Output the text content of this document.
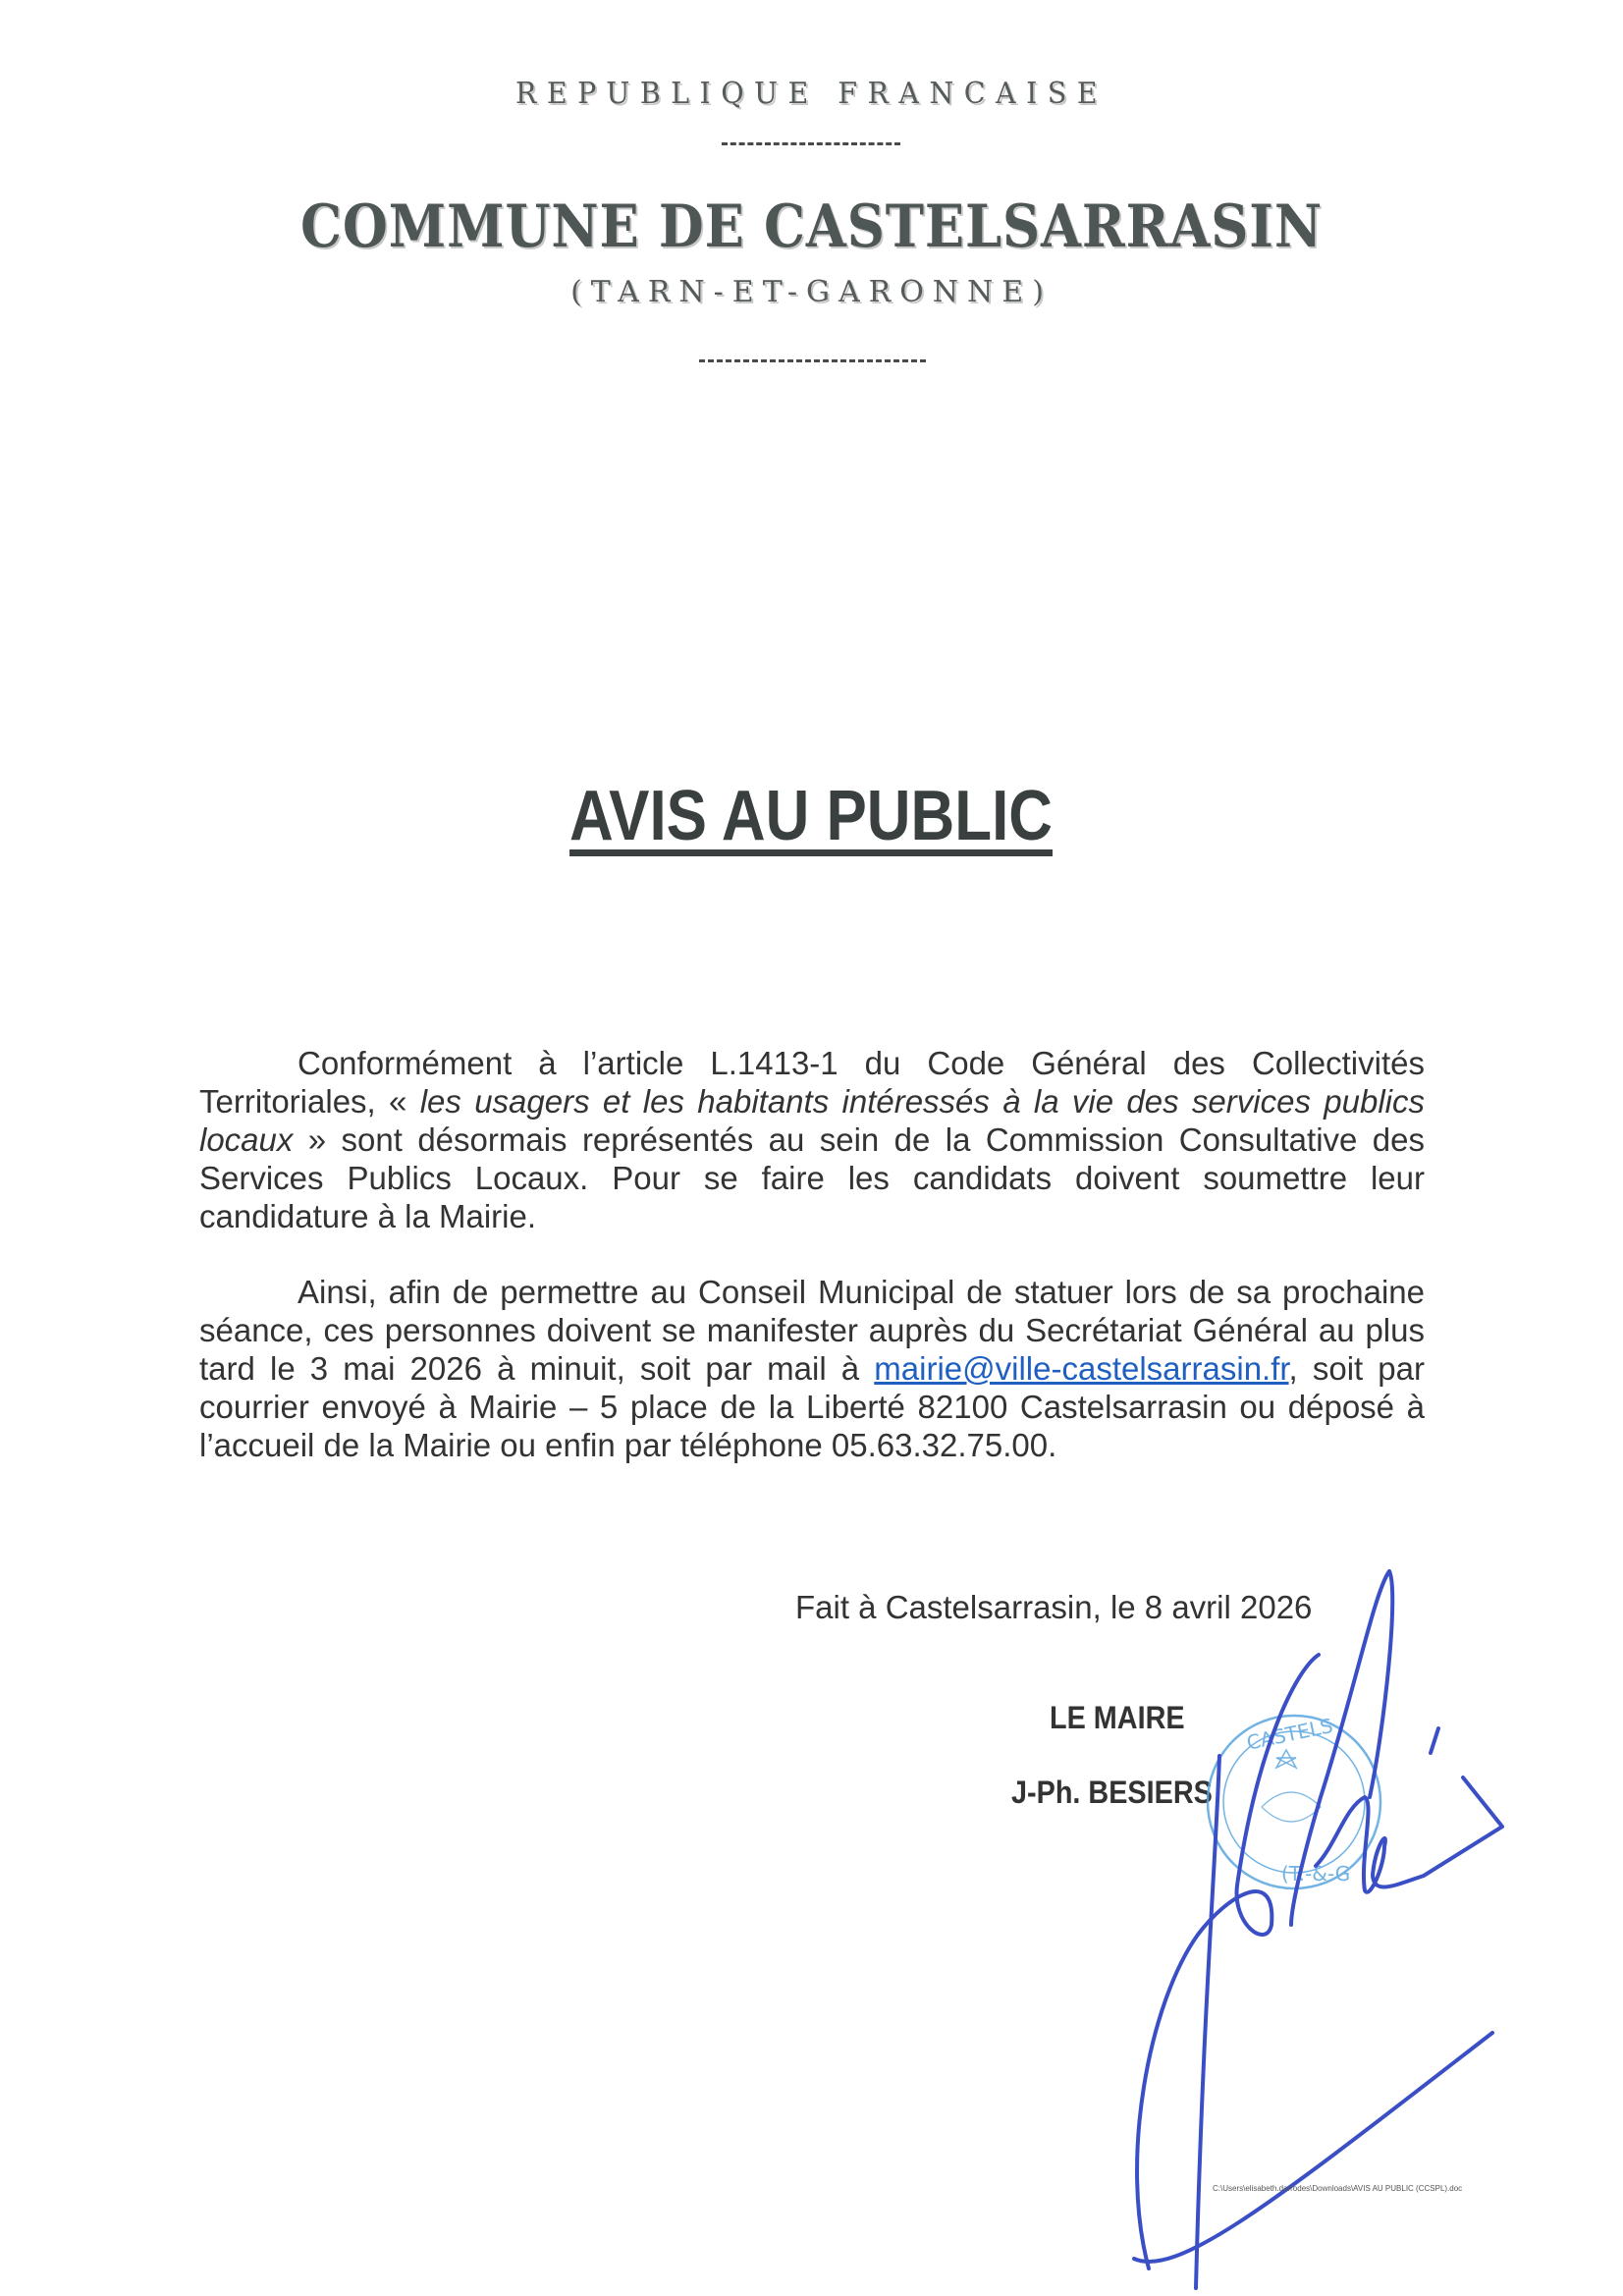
REPUBLIQUE FRANCAISE
COMMUNE DE CASTELSARRASIN
(TARN-ET-GARONNE)
AVIS AU PUBLIC
Conformément à l’article L.1413-1 du Code Général des Collectivités Territoriales, « les usagers et les habitants intéressés à la vie des services publics locaux » sont désormais représentés au sein de la Commission Consultative des Services Publics Locaux. Pour se faire les candidats doivent soumettre leur candidature à la Mairie.
Ainsi, afin de permettre au Conseil Municipal de statuer lors de sa prochaine séance, ces personnes doivent se manifester auprès du Secrétariat Général au plus tard le 3 mai 2026 à minuit, soit par mail à mairie@ville-castelsarrasin.fr, soit par courrier envoyé à Mairie – 5 place de la Liberté 82100 Castelsarrasin ou déposé à l’accueil de la Mairie ou enfin par téléphone 05.63.32.75.00.
Fait à Castelsarrasin, le 8 avril 2026
LE MAIRE
J-Ph. BESIERS
CASTELS
(T.-&-G
C:\Users\elisabeth.darrodes\Downloads\AVIS AU PUBLIC (CCSPL).doc
